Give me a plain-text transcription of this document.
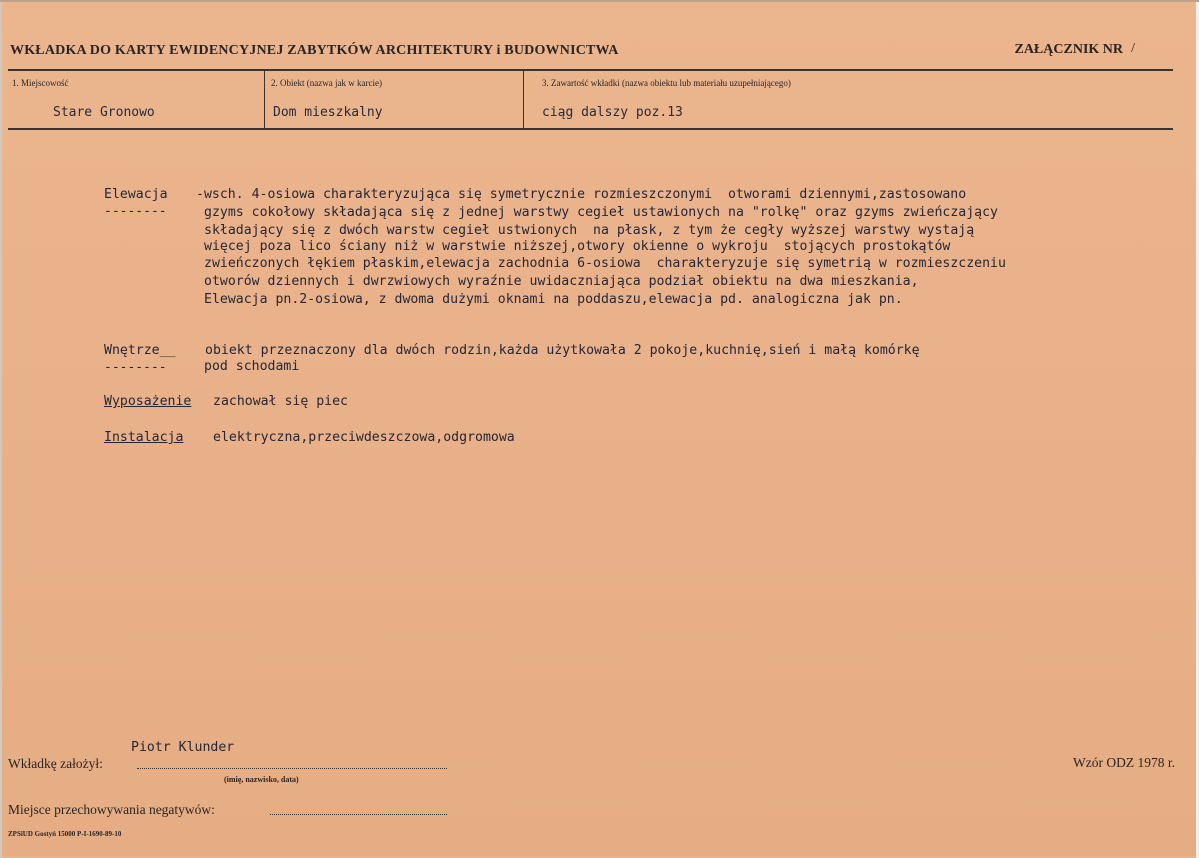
WKŁADKA DO KARTY EWIDENCYJNEJ ZABYTKÓW ARCHITEKTURY i BUDOWNICTWA	ZAŁĄCZNIK NR /
1. Miejscowość
Stare Gronowo
2. Obiekt (nazwa jak w karcie)
Dom mieszkalny
3. Zawartość wkładki (nazwa obiektu lub materiału uzupełniającego)
ciąg dalszy poz.13
Elewacja
--------
-wsch. 4-osiowa charakteryzująca się symetrycznie rozmieszczonymi  otworami dziennymi,zastosowano
gzyms cokołowy składająca się z jednej warstwy cegieł ustawionych na "rolkę" oraz gzyms zwieńczający
składający się z dwóch warstw cegieł ustwionych  na płask, z tym że cegły wyższej warstwy wystają
więcej poza lico ściany niż w warstwie niższej,otwory okienne o wykroju  stojących prostokątów
zwieńczonych łękiem płaskim,elewacja zachodnia 6-osiowa  charakteryzuje się symetrią w rozmieszczeniu
otworów dziennych i dwrzwiowych wyraźnie uwidaczniająca podział obiektu na dwa mieszkania,
Elewacja pn.2-osiowa, z dwoma dużymi oknami na poddaszu,elewacja pd. analogiczna jak pn.
Wnętrze__
--------
obiekt przeznaczony dla dwóch rodzin,każda użytkowała 2 pokoje,kuchnię,sień i małą komórkę
pod schodami
Wyposażenie zachował się piec
Instalacja elektryczna,przeciwdeszczowa,odgromowa
Piotr Klunder
Wkładkę założył:
(imię, nazwisko, data)
Miejsce przechowywania negatywów:
Wzór ODZ 1978 r.
ZPSiUD Gostyń 15000 P-I-1690-89-10
